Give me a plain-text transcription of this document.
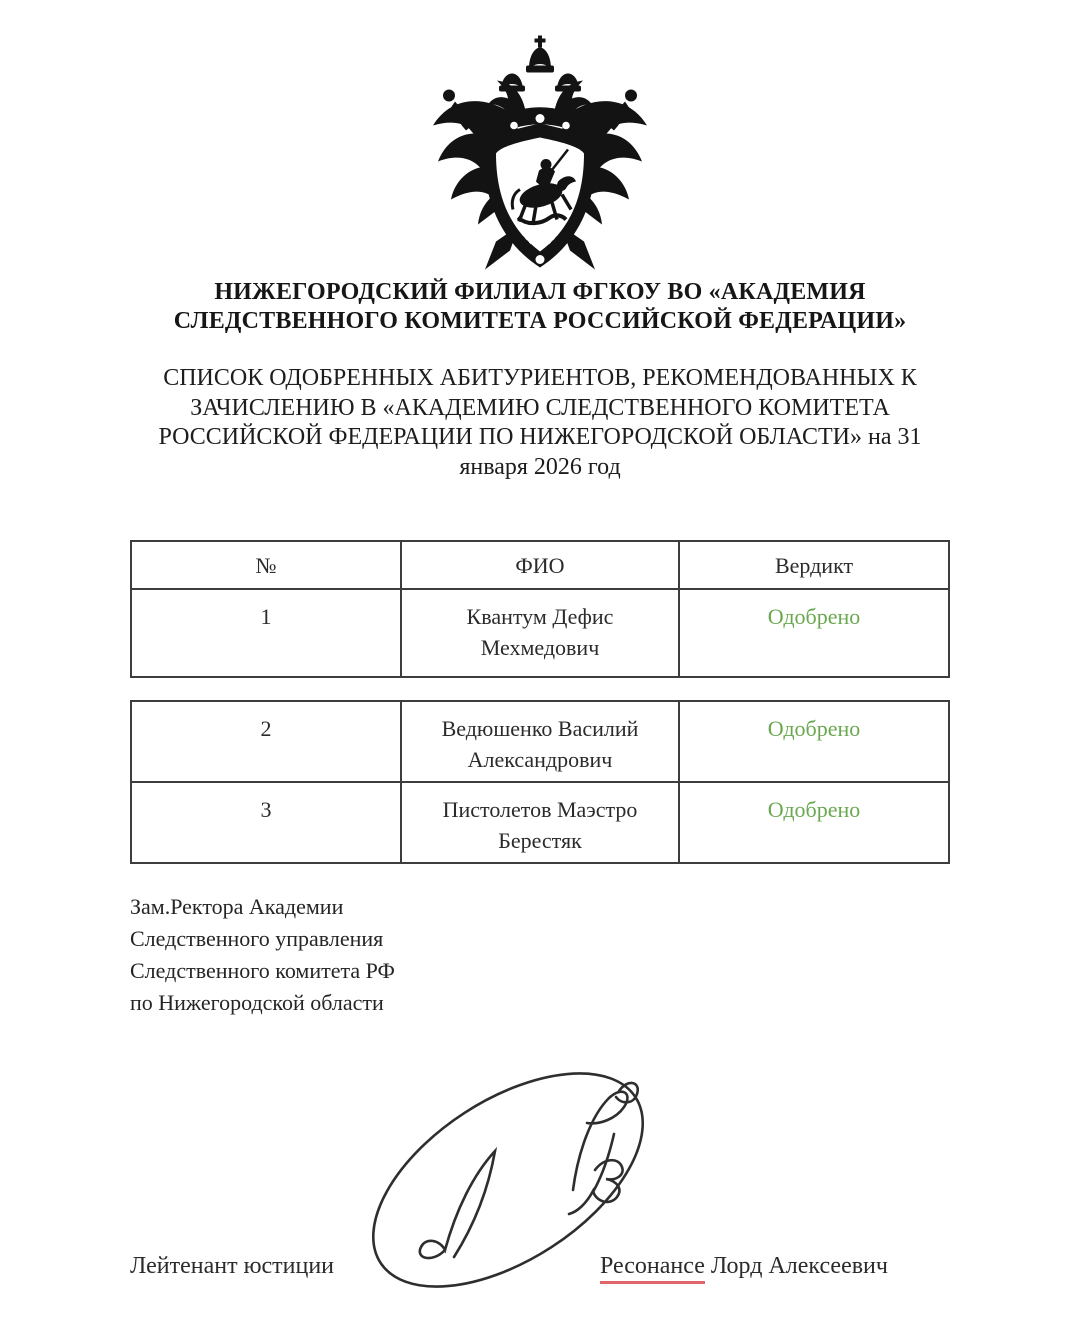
НИЖЕГОРОДСКИЙ ФИЛИАЛ ФГКОУ ВО «АКАДЕМИЯ
СЛЕДСТВЕННОГО КОМИТЕТА РОССИЙСКОЙ ФЕДЕРАЦИИ»
СПИСОК ОДОБРЕННЫХ АБИТУРИЕНТОВ, РЕКОМЕНДОВАННЫХ К
ЗАЧИСЛЕНИЮ В «АКАДЕМИЮ СЛЕДСТВЕННОГО КОМИТЕТА
РОССИЙСКОЙ ФЕДЕРАЦИИ ПО НИЖЕГОРОДСКОЙ ОБЛАСТИ» на 31
января 2026 год
№	ФИО	Вердикт
1	Квантум Дефис Мехмедович	Одобрено
2	Ведюшенко Василий Александрович	Одобрено
3	Пистолетов Маэстро Берестяк	Одобрено
Зам.Ректора Академии
Следственного управления
Следственного комитета РФ
по Нижегородской области
Лейтенант юстиции	Ресонансе Лорд Алексеевич
